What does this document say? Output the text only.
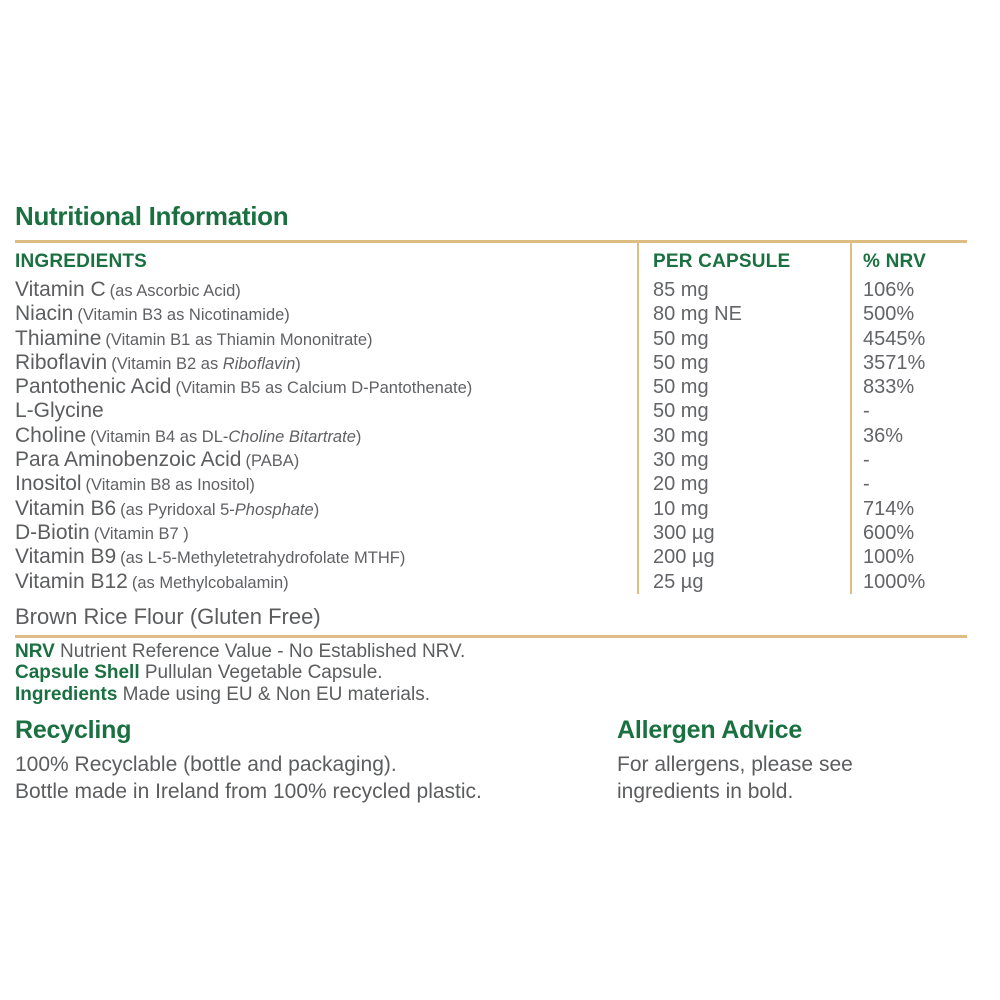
Nutritional Information
INGREDIENTS	PER CAPSULE	% NRV
Vitamin C (as Ascorbic Acid)	85 mg	106%
Niacin (Vitamin B3 as Nicotinamide)	80 mg NE	500%
Thiamine (Vitamin B1 as Thiamin Mononitrate)	50 mg	4545%
Riboflavin (Vitamin B2 as Riboflavin)	50 mg	3571%
Pantothenic Acid (Vitamin B5 as Calcium D-Pantothenate)	50 mg	833%
L-Glycine	50 mg	-
Choline (Vitamin B4 as DL-Choline Bitartrate)	30 mg	36%
Para Aminobenzoic Acid (PABA)	30 mg	-
Inositol (Vitamin B8 as Inositol)	20 mg	-
Vitamin B6 (as Pyridoxal 5-Phosphate)	10 mg	714%
D-Biotin (Vitamin B7 )	300 µg	600%
Vitamin B9 (as L-5-Methyletetrahydrofolate MTHF)	200 µg	100%
Vitamin B12 (as Methylcobalamin)	25 µg	1000%
Brown Rice Flour (Gluten Free)
NRV Nutrient Reference Value - No Established NRV.
Capsule Shell Pullulan Vegetable Capsule.
Ingredients Made using EU & Non EU materials.
Recycling

100% Recyclable (bottle and packaging).

Bottle made in Ireland from 100% recycled plastic.

Allergen Advice

For allergens, please see

ingredients in bold.
